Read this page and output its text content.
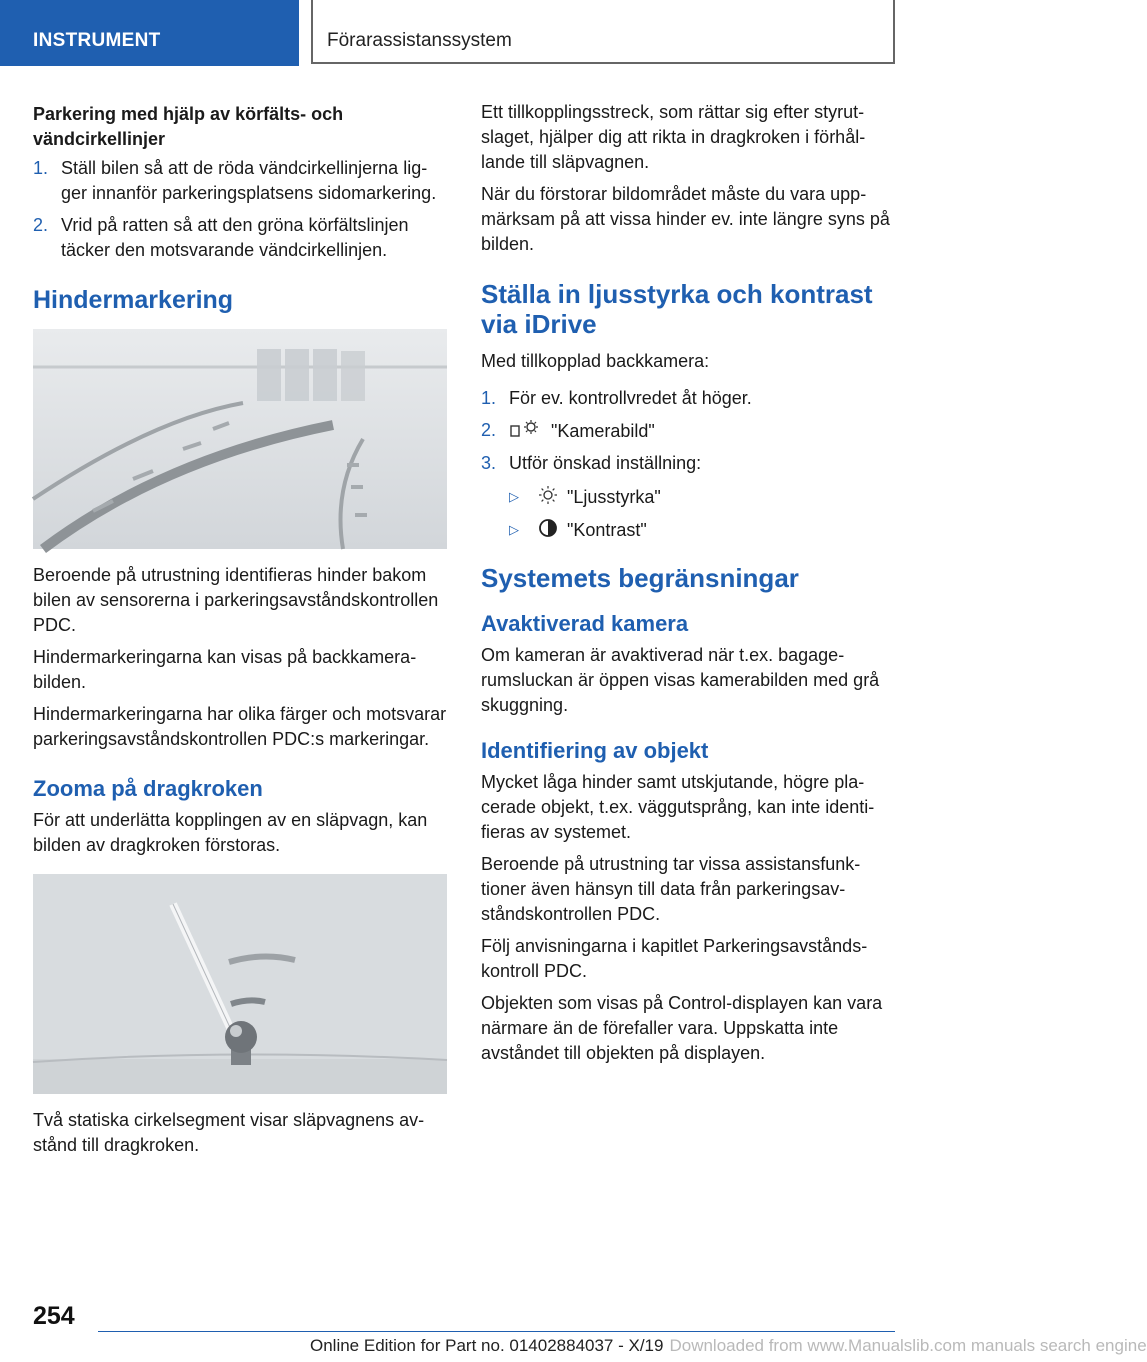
INSTRUMENT	Förarassistanssystem
Parkering med hjälp av körfälts- och vändcirkellinjer
1. Ställ bilen så att de röda vändcirkellinjerna ligger innanför parkeringsplatsens sidomarkering.
2. Vrid på ratten så att den gröna körfältslinjen täcker den motsvarande vändcirkellinjen.
Hindermarkering

Beroende på utrustning identifieras hinder bakom bilen av sensorerna i parkeringsavståndskontrollen PDC.

Hindermarkeringarna kan visas på backkamerabilden.

Hindermarkeringarna har olika färger och motsvarar parkeringsavståndskontrollen PDC:s markeringar.

Zooma på dragkroken

För att underlätta kopplingen av en släpvagn, kan bilden av dragkroken förstoras.

Två statiska cirkelsegment visar släpvagnens avstånd till dragkroken.

Ett tillkopplingsstreck, som rättar sig efter styrutslaget, hjälper dig att rikta in dragkroken i förhållande till släpvagnen.

När du förstorar bildområdet måste du vara uppmärksam på att vissa hinder ev. inte längre syns på bilden.

Ställa in ljusstyrka och kontrast via iDrive

Med tillkopplad backkamera:

1. För ev. kontrollvredet åt höger.
2.	"Kamerabild"
3. Utför önskad inställning:
▷	"Ljusstyrka"
▷	"Kontrast"
Systemets begränsningar
Avaktiverad kamera

Om kameran är avaktiverad när t.ex. bagagerumsluckan är öppen visas kamerabilden med grå skuggning.

Identifiering av objekt

Mycket låga hinder samt utskjutande, högre placerade objekt, t.ex. väggutsprång, kan inte identifieras av systemet.

Beroende på utrustning tar vissa assistansfunktioner även hänsyn till data från parkeringsavståndskontrollen PDC.

Följ anvisningarna i kapitlet Parkeringsavståndskontroll PDC.

Objekten som visas på Control-displayen kan vara närmare än de förefaller vara. Uppskatta inte avståndet till objekten på displayen.

254
Online Edition for Part no. 01402884037 - X/19 Downloaded from www.Manualslib.com manuals search engine
